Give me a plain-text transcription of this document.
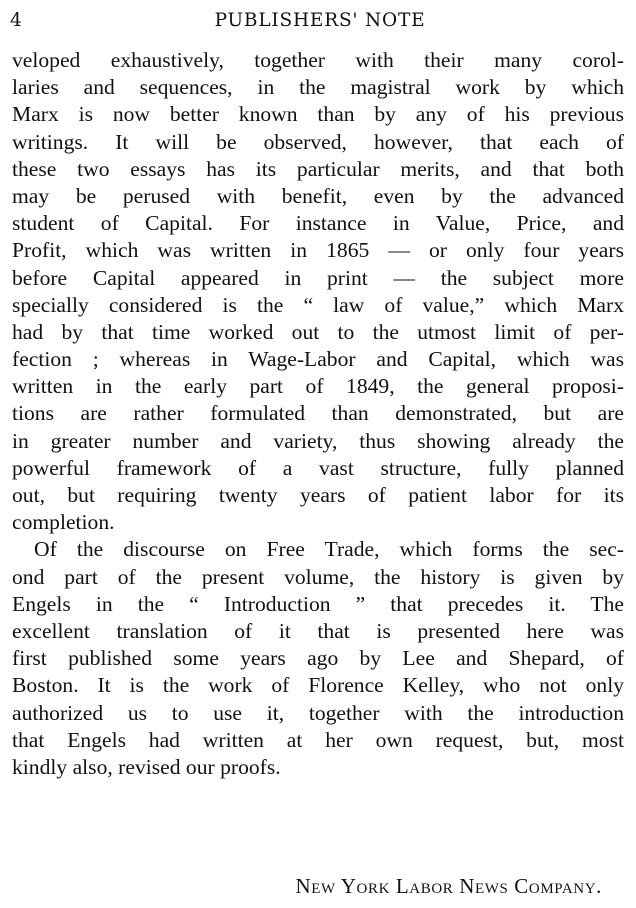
4	PUBLISHERS' NOTE
veloped exhaustively, together with their many corol-
laries and sequences, in the magistral work by which
Marx is now better known than by any of his previous
writings. It will be observed, however, that each of
these two essays has its particular merits, and that both
may be perused with benefit, even by the advanced
student of Capital. For instance in Value, Price, and
Profit, which was written in 1865 — or only four years
before Capital appeared in print — the subject more
specially considered is the “ law of value,” which Marx
had by that time worked out to the utmost limit of per-
fection ; whereas in Wage-Labor and Capital, which was
written in the early part of 1849, the general proposi-
tions are rather formulated than demonstrated, but are
in greater number and variety, thus showing already the
powerful framework of a vast structure, fully planned
out, but requiring twenty years of patient labor for its
completion.
Of the discourse on Free Trade, which forms the sec-
ond part of the present volume, the history is given by
Engels in the “ Introduction ” that precedes it. The
excellent translation of it that is presented here was
first published some years ago by Lee and Shepard, of
Boston. It is the work of Florence Kelley, who not only
authorized us to use it, together with the introduction
that Engels had written at her own request, but, most
kindly also, revised our proofs.
New York Labor News Company.
